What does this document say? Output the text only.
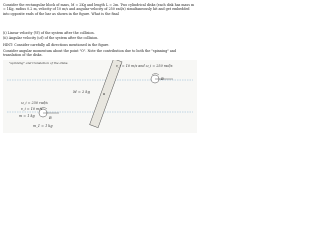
Consider the rectangular block of mass, M = 2Kg and length L = 2m. Two cylindrical disks (each disk has mass m = 1Kg, radius 0.2 m, velocity of 10 m/s and angular velocity of 250 rad/s) simultaneously hit and get embedded into opposite ends of the bar as shown in the figure. What is the final
(i) Linear velocity (Vf) of the system after the collision.
(ii) Angular velocity (ωf) of the system after the collision.
HINT: Consider carefully all directions mentioned in the figure.
Consider angular momentum about the point "O". Note the contribution due to both the "spinning" and translation of the disks.
"spinning" and translation of the disks.
v_i = 10 m/s and ω_i = 250 rad/s
B
ω_i = 250 rad/s
v_i = 10 m/s
m = 1 kg
M = 2 kg
B
m_1 = 1 kg
